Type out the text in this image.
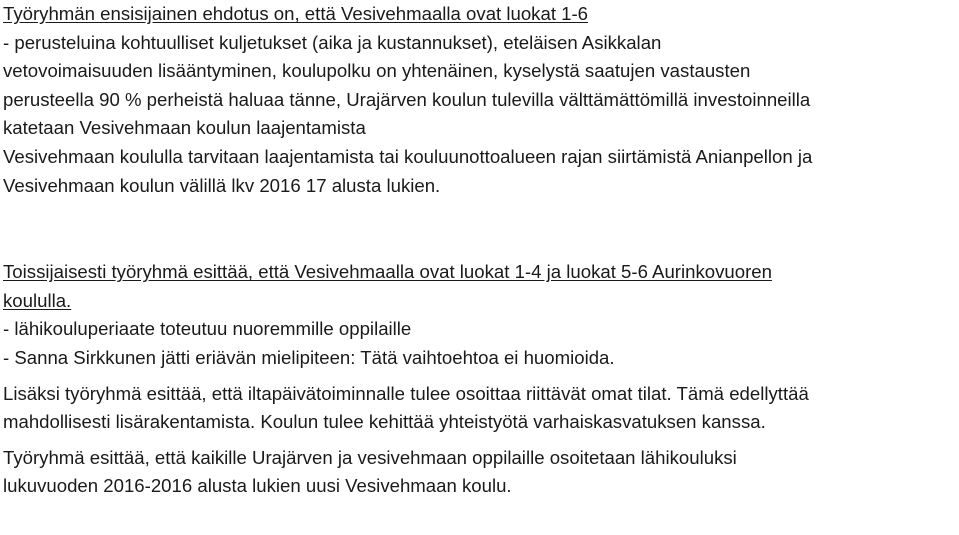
Työryhmän ensisijainen ehdotus on, että Vesivehmaalla ovat luokat 1-6
- perusteluina kohtuulliset kuljetukset (aika ja kustannukset), eteläisen Asikkalan
vetovoimaisuuden lisääntyminen, koulupolku on yhtenäinen, kyselystä saatujen vastausten
perusteella 90 % perheistä haluaa tänne, Urajärven koulun tulevilla välttämättömillä investoinneilla
katetaan Vesivehmaan koulun laajentamista
Vesivehmaan koululla tarvitaan laajentamista tai kouluunottoalueen rajan siirtämistä Anianpellon ja
Vesivehmaan koulun välillä lkv 2016 17 alusta lukien.
Toissijaisesti työryhmä esittää, että Vesivehmaalla ovat luokat 1-4 ja luokat 5-6 Aurinkovuoren
koululla.
- lähikouluperiaate toteutuu nuoremmille oppilaille
- Sanna Sirkkunen jätti eriävän mielipiteen: Tätä vaihtoehtoa ei huomioida.
Lisäksi työryhmä esittää, että iltapäivätoiminnalle tulee osoittaa riittävät omat tilat. Tämä edellyttää
mahdollisesti lisärakentamista. Koulun tulee kehittää yhteistyötä varhaiskasvatuksen kanssa.
Työryhmä esittää, että kaikille Urajärven ja vesivehmaan oppilaille osoitetaan lähikouluksi
lukuvuoden 2016-2016 alusta lukien uusi Vesivehmaan koulu.
